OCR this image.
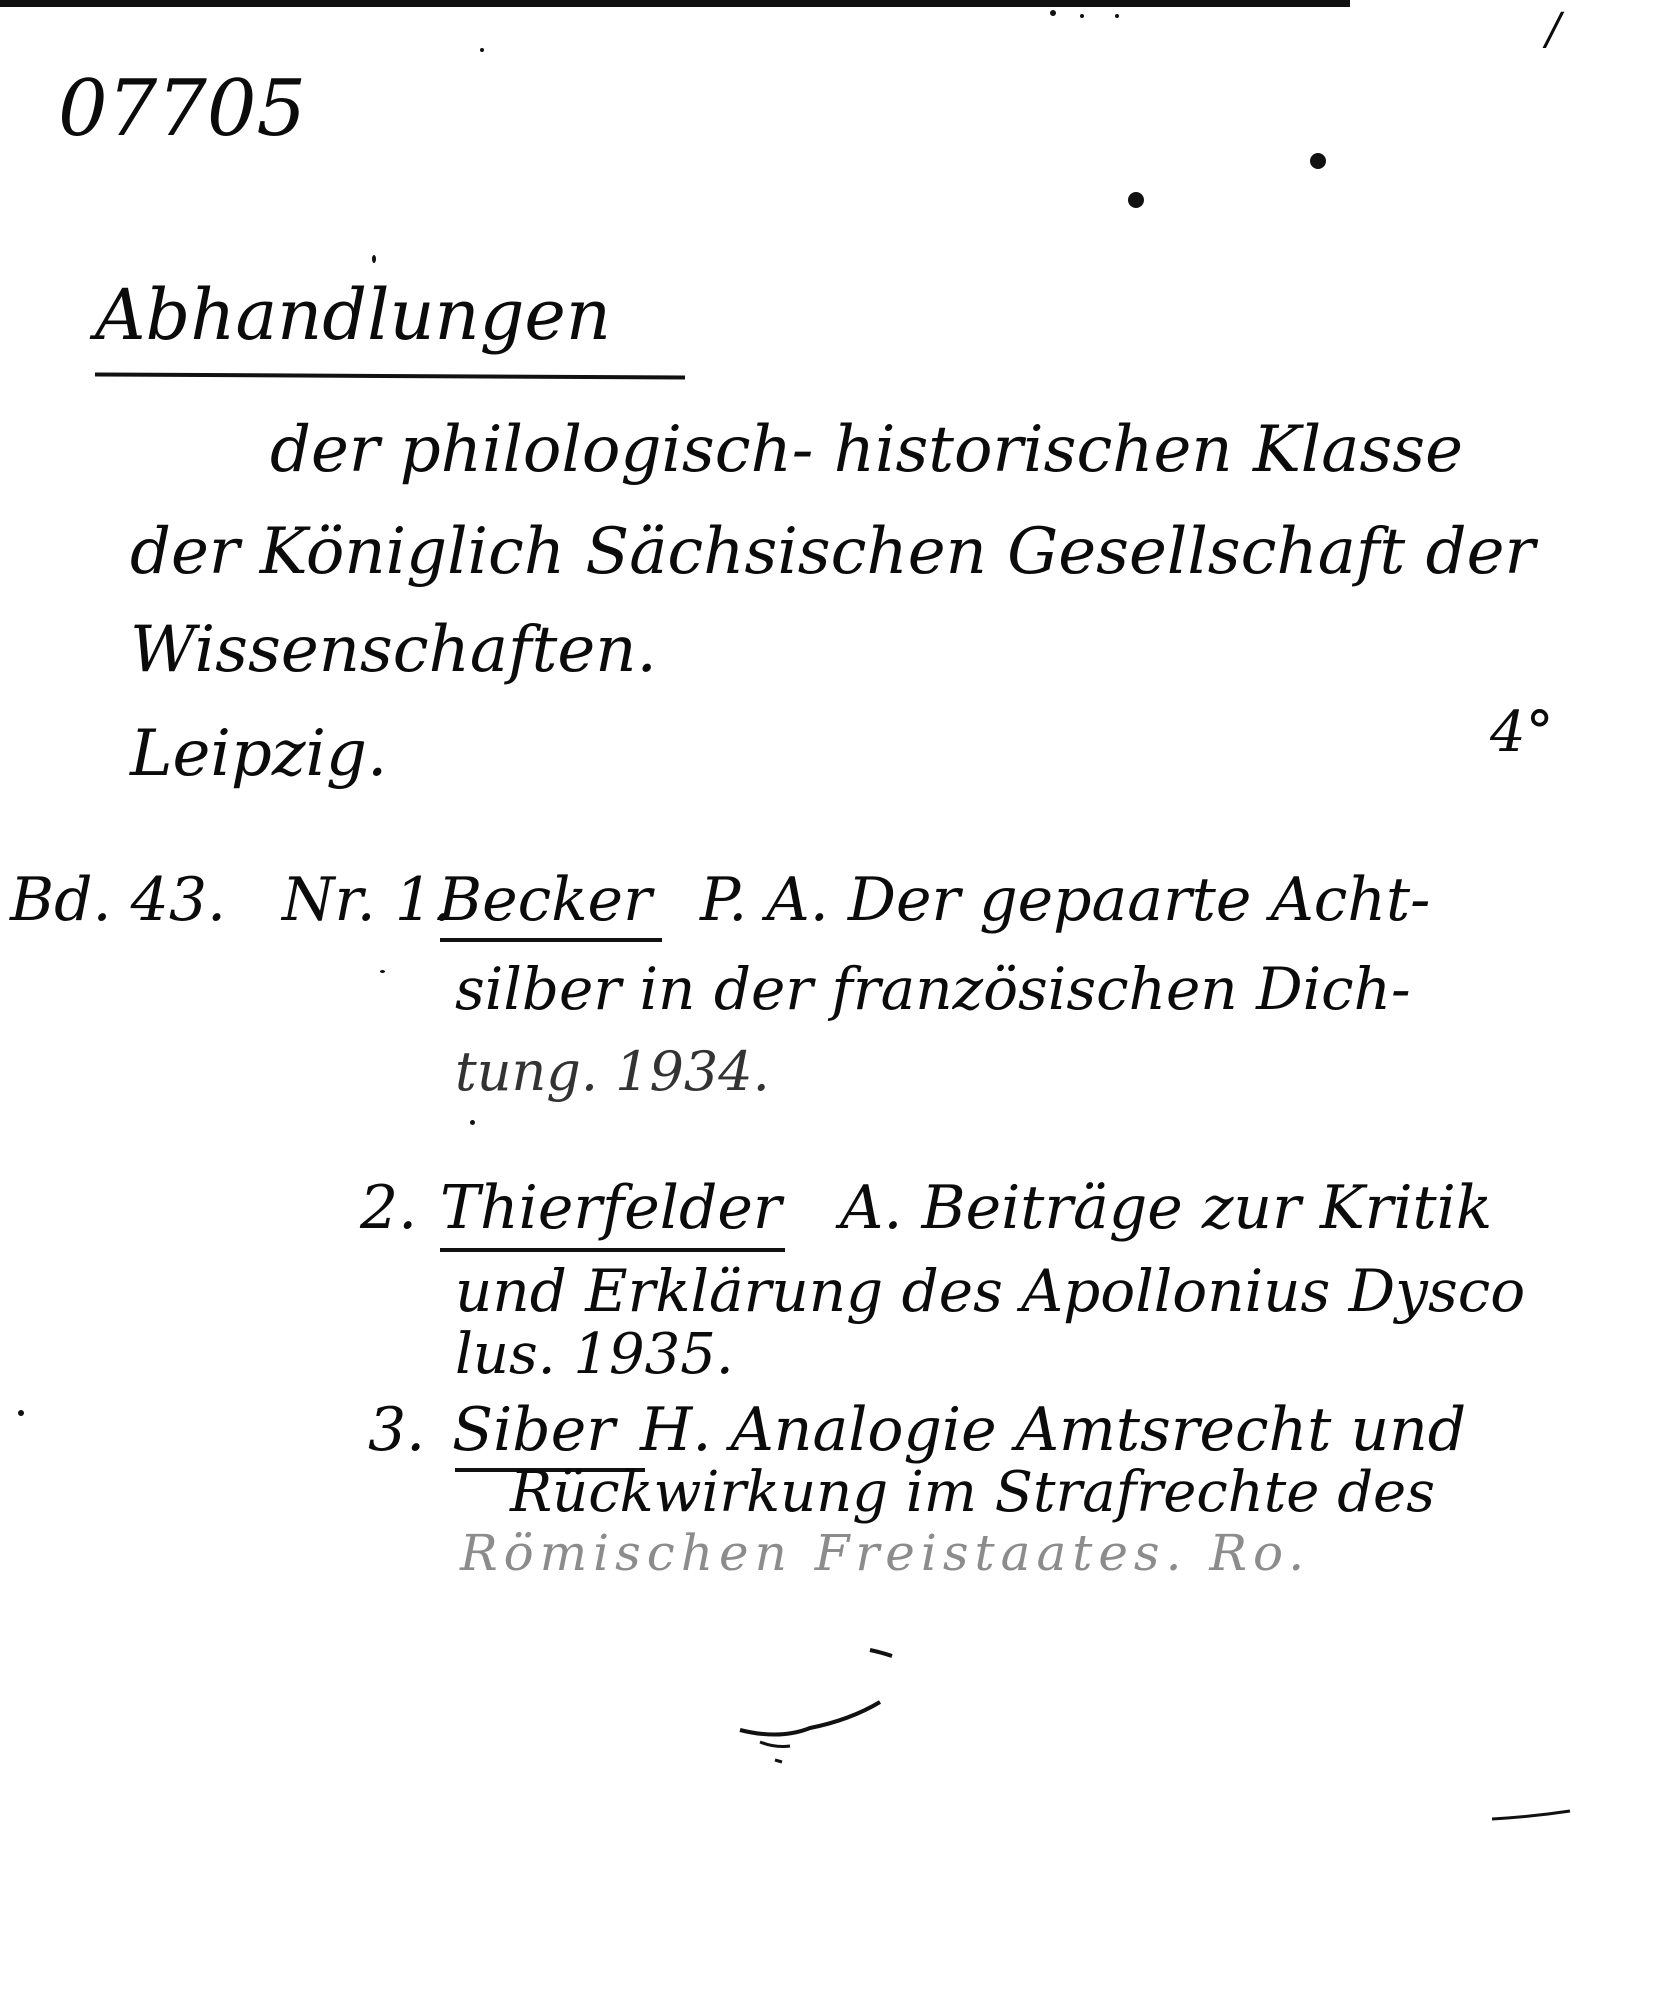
07705
/
Abhandlungen
der philologisch- historischen Klasse
der Königlich Sächsischen Gesellschaft der
Wissenschaften.
Leipzig.	4°
Bd. 43. Nr. 1.
Becker P. A. Der gepaarte Acht-
silber in der französischen Dich-
tung. 1934.
2. Thierfelder A. Beiträge zur Kritik
und Erklärung des Apollonius Dysco
lus. 1935.
3. Siber H. Analogie Amtsrecht und
Rückwirkung im Strafrechte des
Römischen Freistaates. Ro.
